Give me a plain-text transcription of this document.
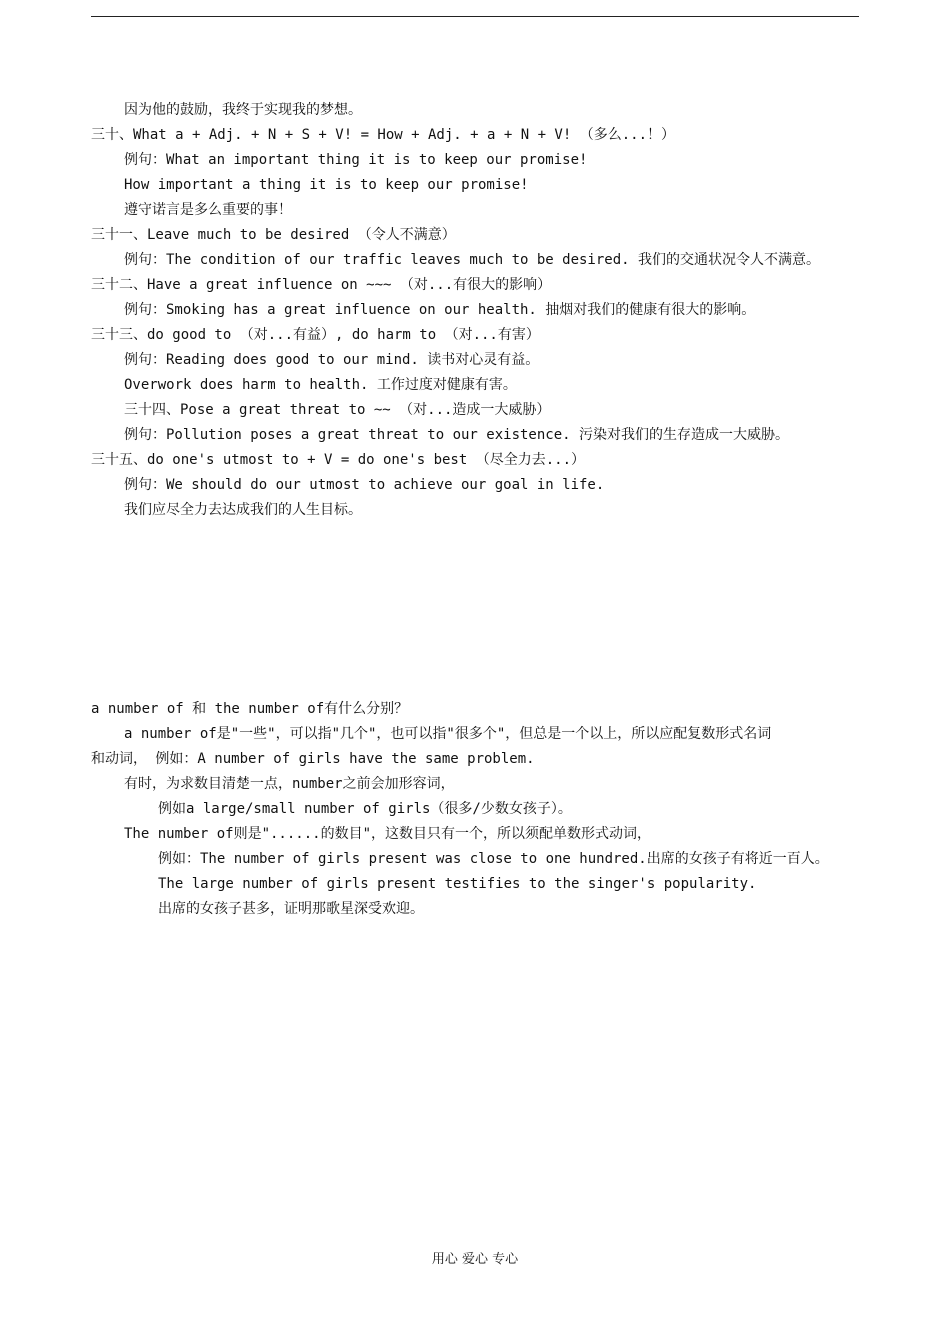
因为他的鼓励，我终于实现我的梦想。
三十、What a + Adj. + N + S + V! = How + Adj. + a + N + V! （多么...！）
例句：What an important thing it is to keep our promise!
How important a thing it is to keep our promise!
遵守诺言是多么重要的事！
三十一、Leave much to be desired （令人不满意）
例句：The condition of our traffic leaves much to be desired. 我们的交通状况令人不满意。
三十二、Have a great influence on ~~~ （对...有很大的影响）
例句：Smoking has a great influence on our health. 抽烟对我们的健康有很大的影响。
三十三、do good to （对...有益）, do harm to （对...有害）
例句：Reading does good to our mind. 读书对心灵有益。
Overwork does harm to health. 工作过度对健康有害。
三十四、Pose a great threat to ~~ （对...造成一大威胁）
例句：Pollution poses a great threat to our existence. 污染对我们的生存造成一大威胁。
三十五、do one's utmost to + V = do one's best （尽全力去...）
例句：We should do our utmost to achieve our goal in life.
我们应尽全力去达成我们的人生目标。
a number of 和 the number of有什么分别？
a number of是"一些"，可以指"几个"，也可以指"很多个"，但总是一个以上，所以应配复数形式名词
和动词， 例如：A number of girls have the same problem.
有时，为求数目清楚一点，number之前会加形容词，
例如a large/small number of girls（很多/少数女孩子）。
The number of则是"......的数目"，这数目只有一个，所以须配单数形式动词，
例如：The number of girls present was close to one hundred.出席的女孩子有将近一百人。
The large number of girls present testifies to the singer's popularity.
出席的女孩子甚多，证明那歌星深受欢迎。
用心 爱心 专心
